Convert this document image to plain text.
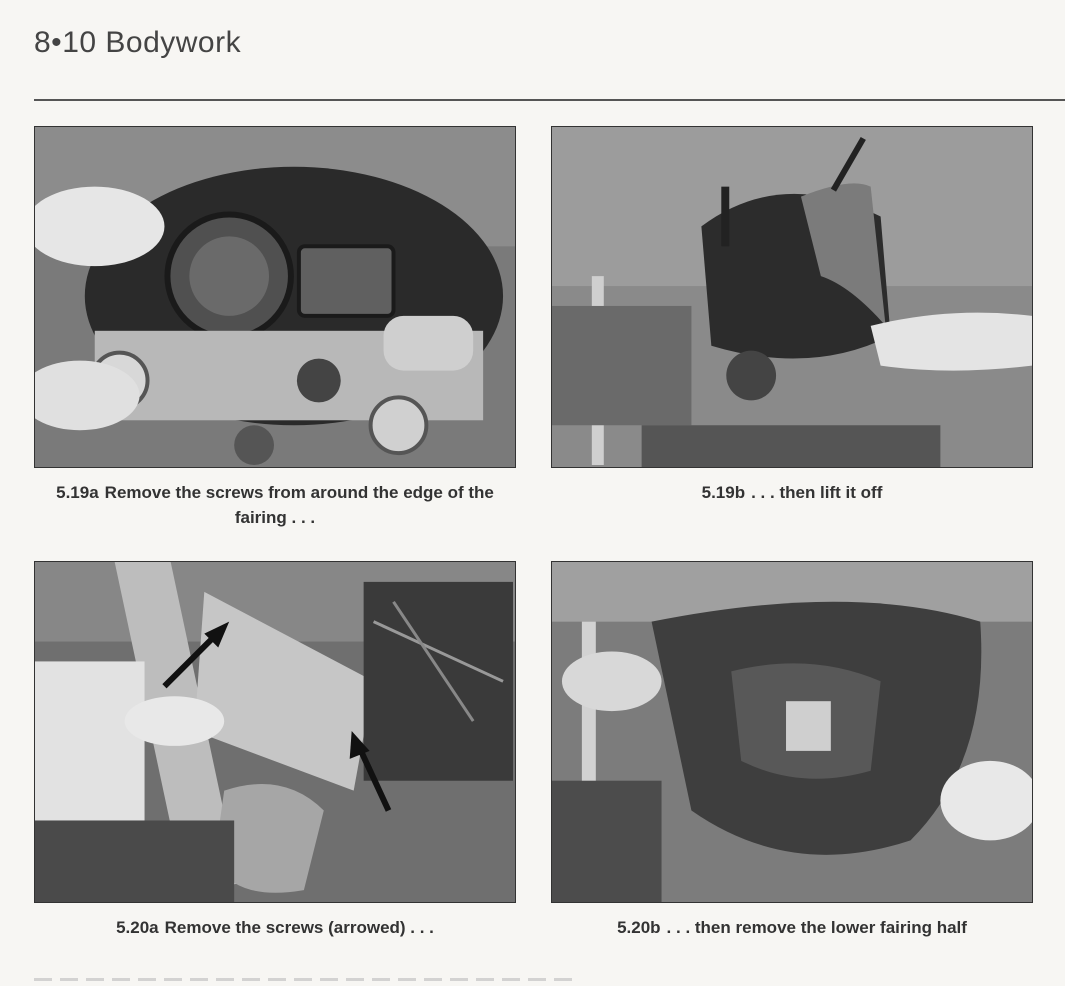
8•10 Bodywork
5.19a Remove the screws from around the edge of the fairing . . .
5.19b . . . then lift it off
5.20a Remove the screws (arrowed) . . .	5.20b . . . then remove the lower fairing half
